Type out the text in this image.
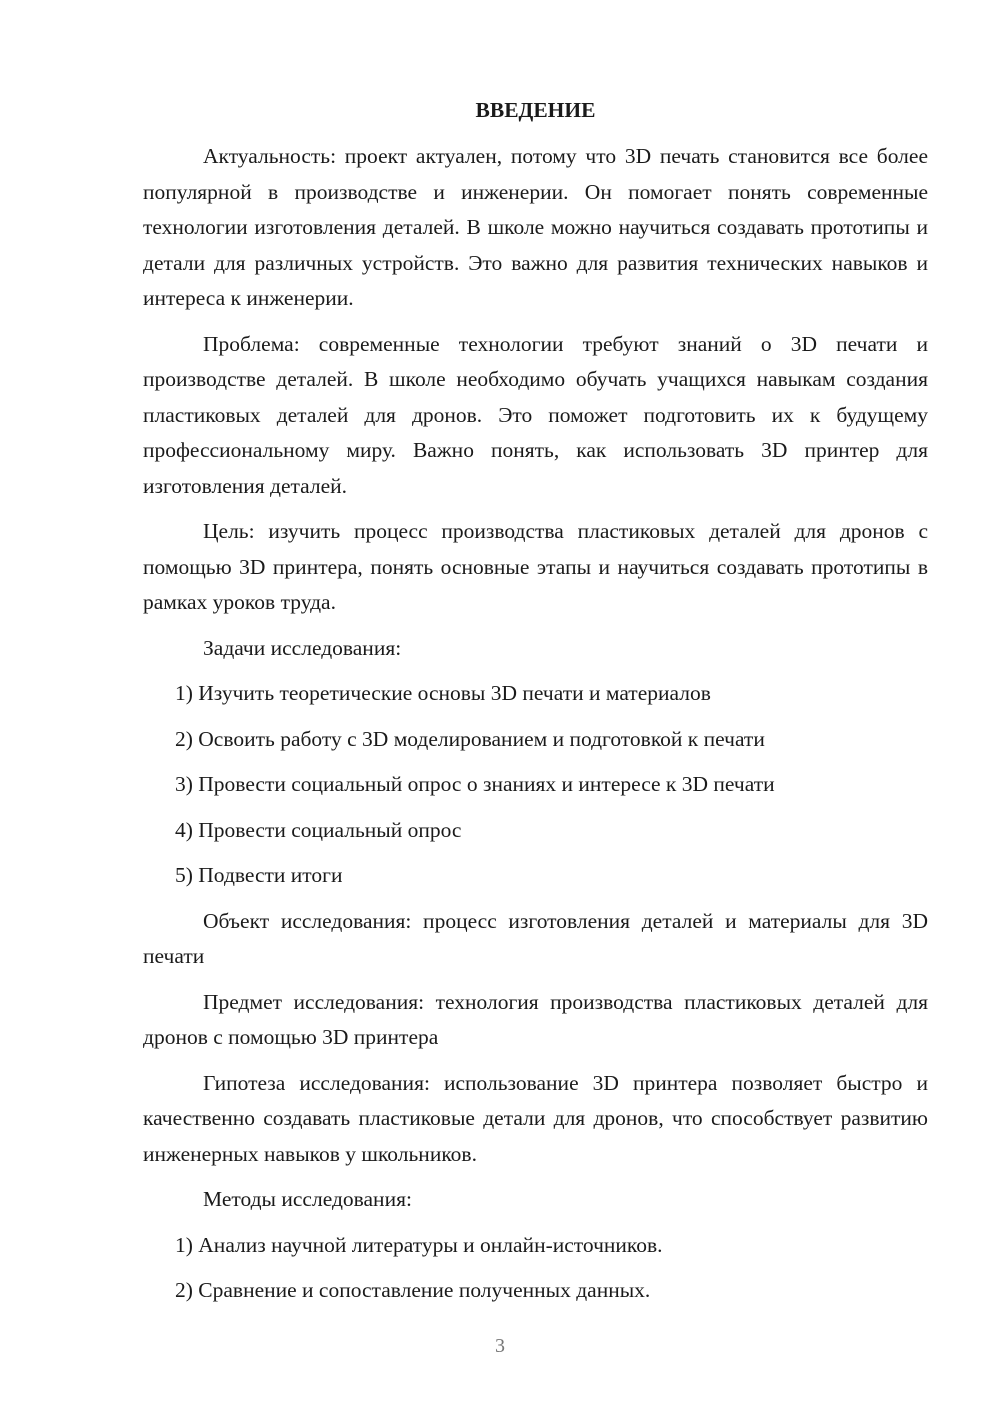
ВВЕДЕНИЕ

Актуальность: проект актуален, потому что 3D печать становится все более популярной в производстве и инженерии. Он помогает понять современные технологии изготовления деталей. В школе можно научиться создавать прототипы и детали для различных устройств. Это важно для развития технических навыков и интереса к инженерии.

Проблема: современные технологии требуют знаний о 3D печати и производстве деталей. В школе необходимо обучать учащихся навыкам создания пластиковых деталей для дронов. Это поможет подготовить их к будущему профессиональному миру. Важно понять, как использовать 3D принтер для изготовления деталей.

Цель: изучить процесс производства пластиковых деталей для дронов с помощью 3D принтера, понять основные этапы и научиться создавать прототипы в рамках уроков труда.

Задачи исследования:

1) Изучить теоретические основы 3D печати и материалов

2) Освоить работу с 3D моделированием и подготовкой к печати

3) Провести социальный опрос о знаниях и интересе к 3D печати

4) Провести социальный опрос

5) Подвести итоги

Объект исследования: процесс изготовления деталей и материалы для 3D печати

Предмет исследования: технология производства пластиковых деталей для дронов с помощью 3D принтера

Гипотеза исследования: использование 3D принтера позволяет быстро и качественно создавать пластиковые детали для дронов, что способствует развитию инженерных навыков у школьников.

Методы исследования:

1) Анализ научной литературы и онлайн-источников.

2) Сравнение и сопоставление полученных данных.

3
